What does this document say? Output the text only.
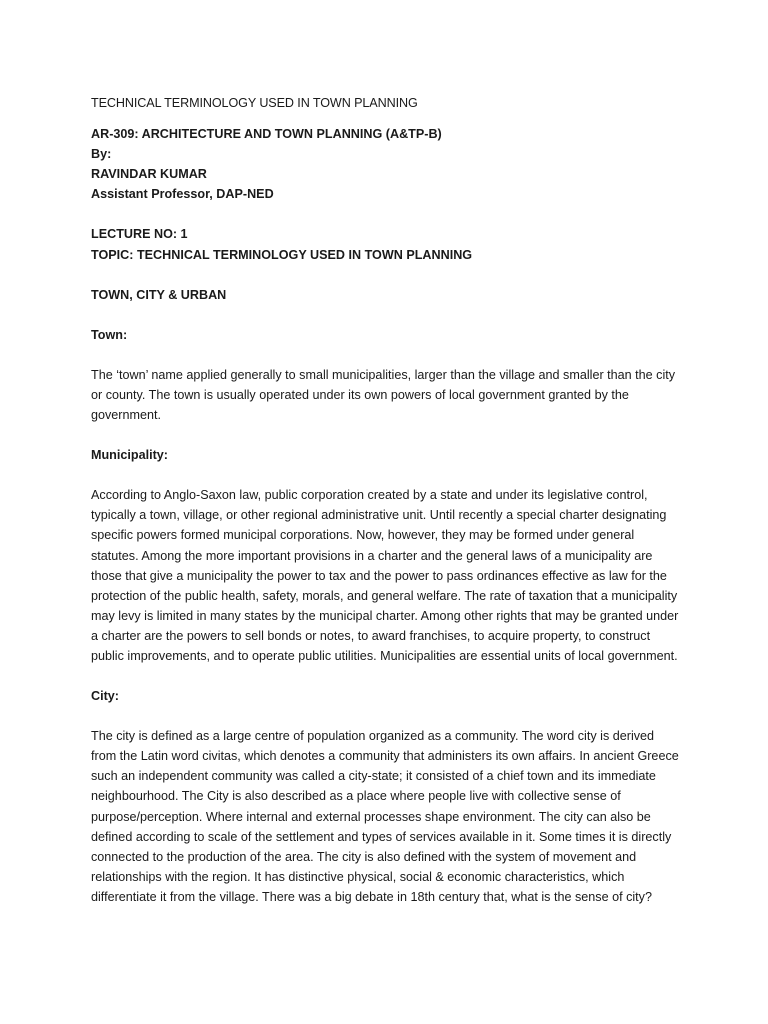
TECHNICAL TERMINOLOGY USED IN TOWN PLANNING

AR-309: ARCHITECTURE AND TOWN PLANNING (A&TP-B)

By:

RAVINDAR KUMAR

Assistant Professor, DAP-NED

LECTURE NO: 1

TOPIC: TECHNICAL TERMINOLOGY USED IN TOWN PLANNING

TOWN, CITY & URBAN

Town:

The ‘town’ name applied generally to small municipalities, larger than the village and smaller than the city or county. The town is usually operated under its own powers of local government granted by the government.

Municipality:

According to Anglo-Saxon law, public corporation created by a state and under its legislative control, typically a town, village, or other regional administrative unit. Until recently a special charter designating specific powers formed municipal corporations. Now, however, they may be formed under general statutes. Among the more important provisions in a charter and the general laws of a municipality are those that give a municipality the power to tax and the power to pass ordinances effective as law for the protection of the public health, safety, morals, and general welfare. The rate of taxation that a municipality may levy is limited in many states by the municipal charter. Among other rights that may be granted under a charter are the powers to sell bonds or notes, to award franchises, to acquire property, to construct public improvements, and to operate public utilities. Municipalities are essential units of local government.

City:

The city is defined as a large centre of population organized as a community. The word city is derived from the Latin word civitas, which denotes a community that administers its own affairs. In ancient Greece such an independent community was called a city-state; it consisted of a chief town and its immediate neighbourhood. The City is also described as a place where people live with collective sense of purpose/perception. Where internal and external processes shape environment. The city can also be defined according to scale of the settlement and types of services available in it. Some times it is directly connected to the production of the area. The city is also defined with the system of movement and relationships with the region. It has distinctive physical, social & economic characteristics, which differentiate it from the village. There was a big debate in 18th century that, what is the sense of city?
